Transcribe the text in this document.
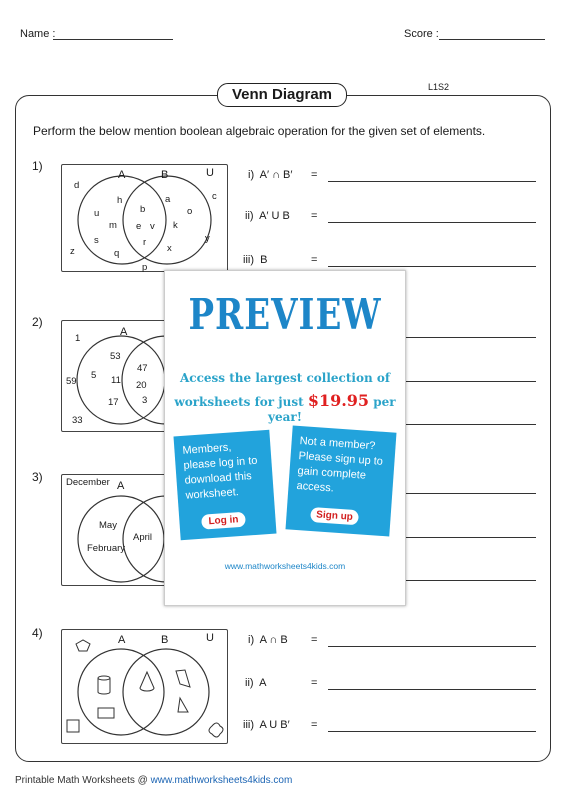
Name :	Score :
Venn Diagram	L1S2
Perform the below mention boolean algebraic operation for the given set of elements.
1)
A	B	U
d
h
u
m
s
z	q
b
e v
r
a
k
c
o
x
p
y
i) A′ ∩ B′ =
ii) A′ U B =
iii) B	=
2)
A
1
53
5 11
59
17
47
20
3
33
3)
A
December
May
February
April
4)	A	B	U	i) A ∩ B =
ii) A	=
iii) A U B′ =
PREVIEW
Access the largest collection of
worksheets for just $19.95 per year!
Members, please log in to download this worksheet.
Log in
Not a member? Please sign up to gain complete access.
Sign up
www.mathworksheets4kids.com
Printable Math Worksheets @ www.mathworksheets4kids.com
